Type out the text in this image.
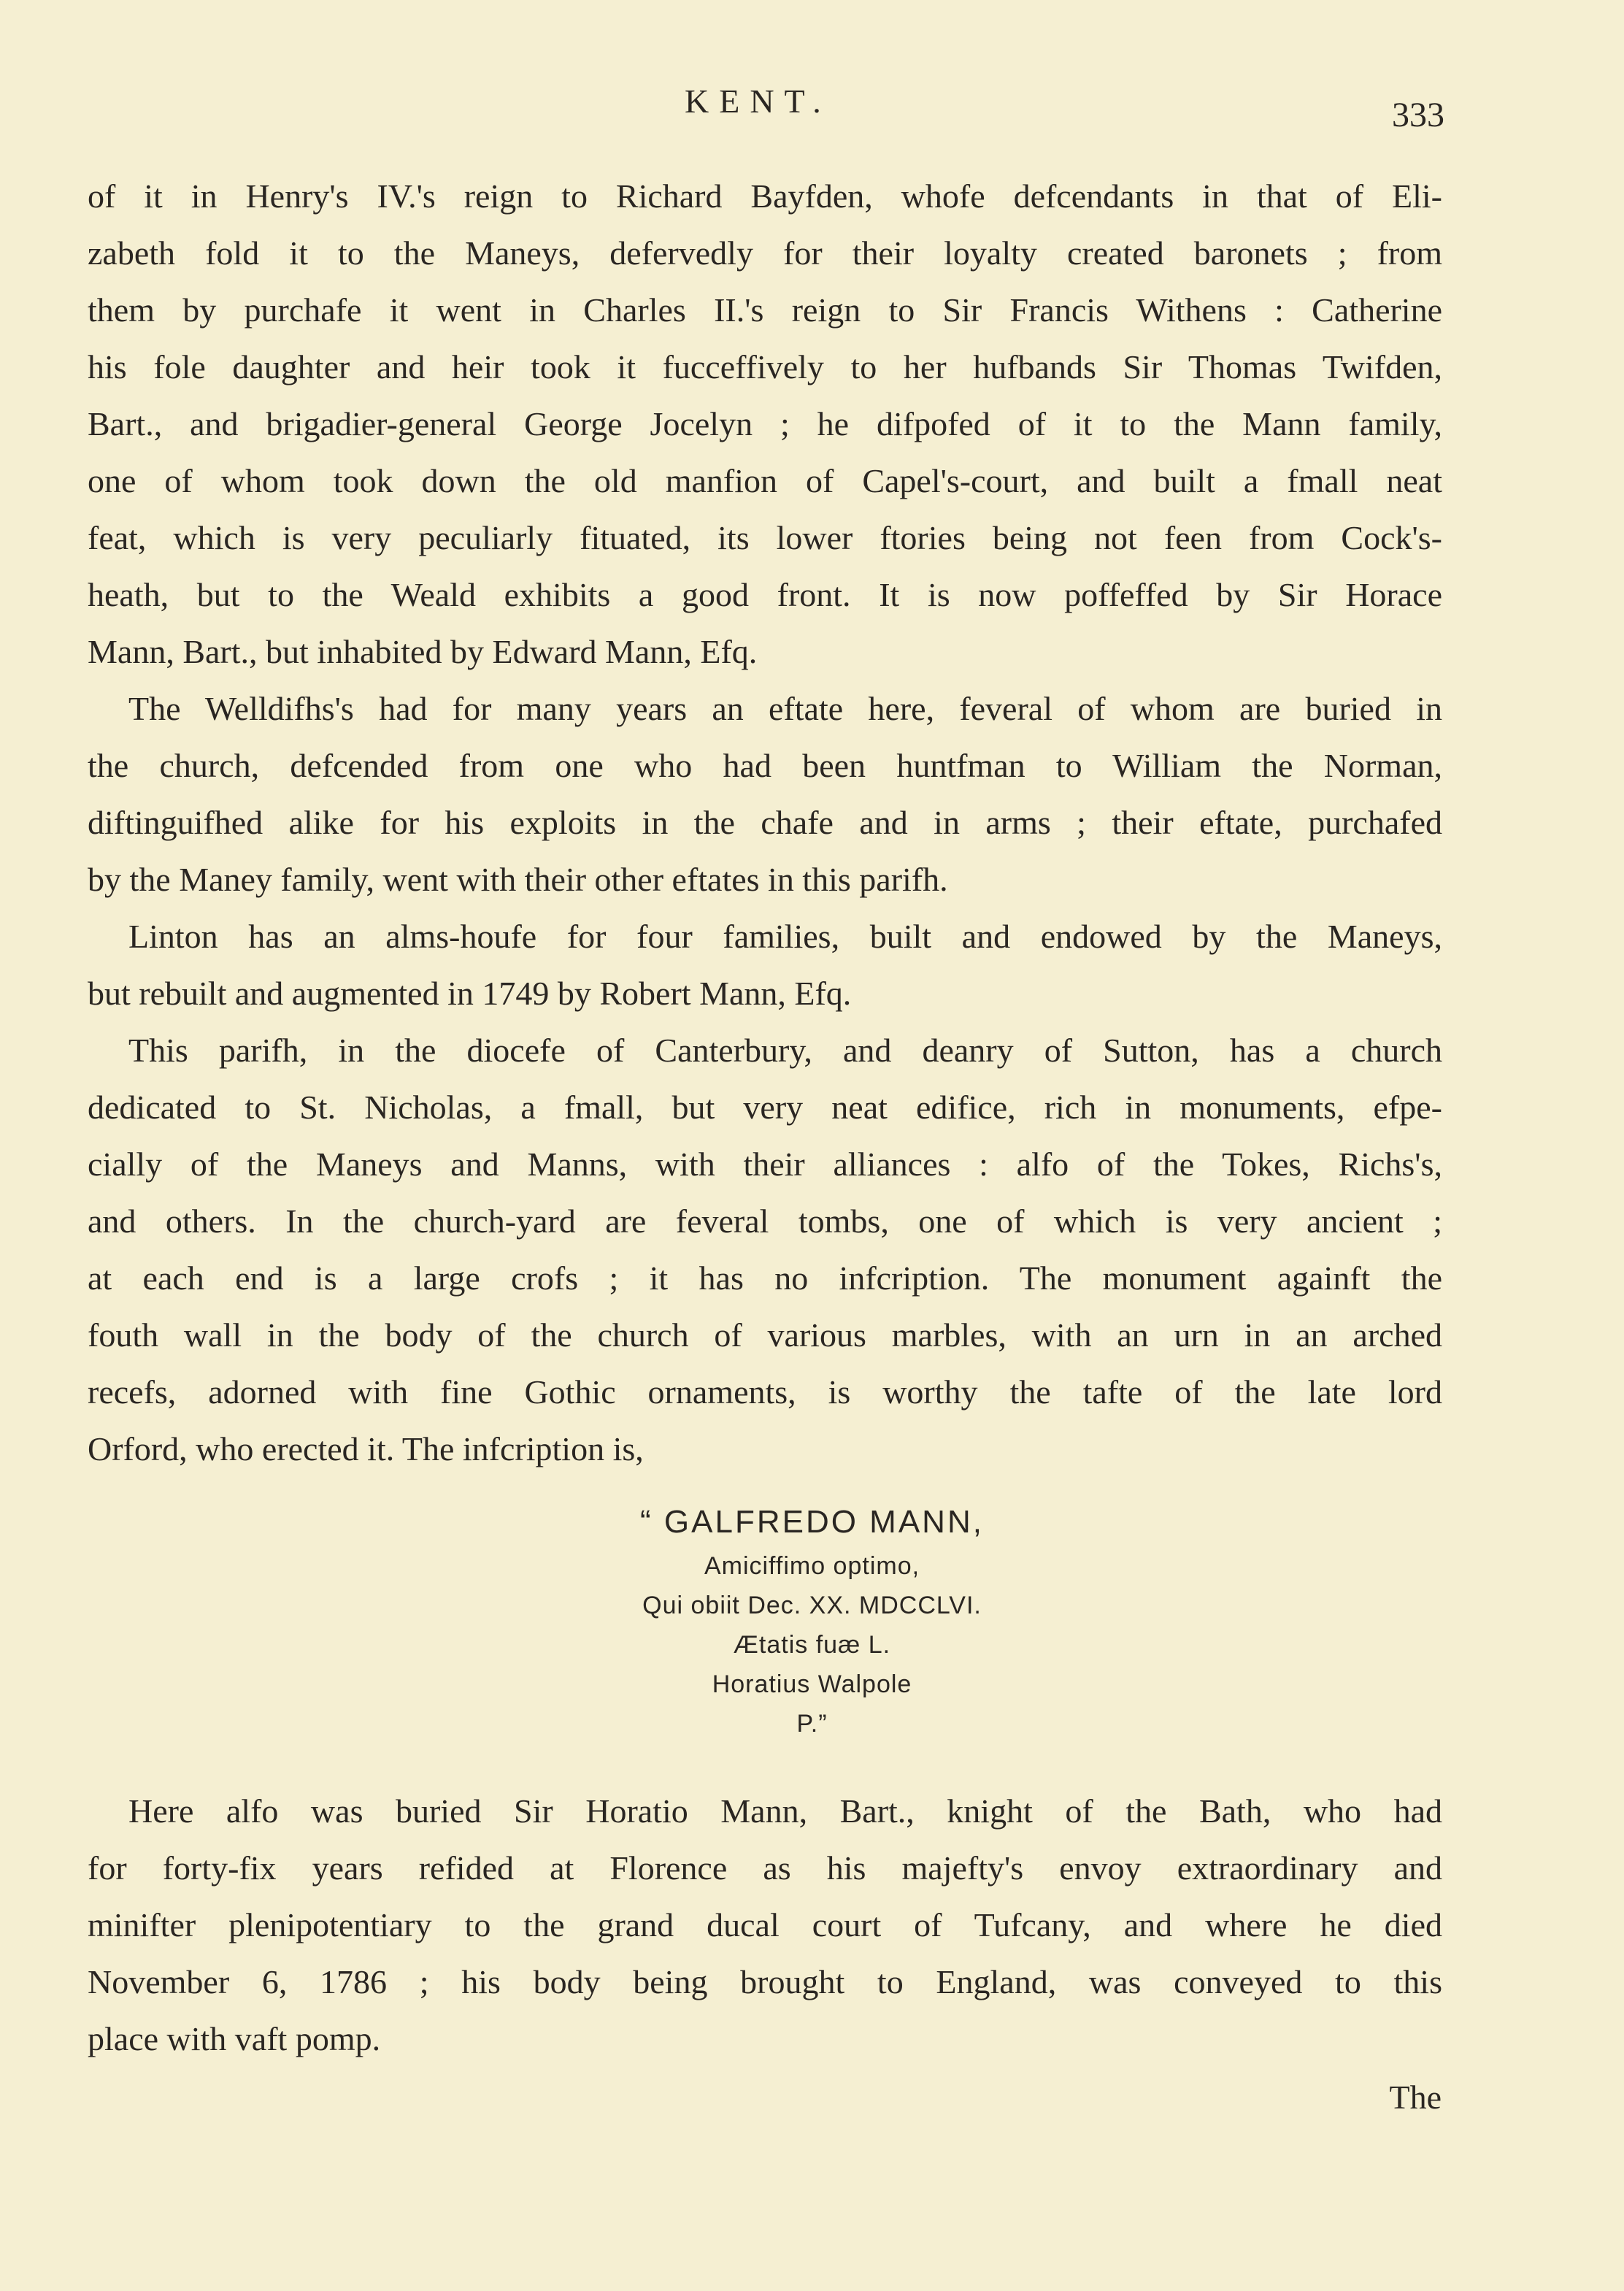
KENT.	333
of it in Henry's IV.'s reign to Richard Bayfden, whofe defcendants in that of Eli-
zabeth fold it to the Maneys, defervedly for their loyalty created baronets ; from
them by purchafe it went in Charles II.'s reign to Sir Francis Withens : Catherine
his fole daughter and heir took it fucceffively to her hufbands Sir Thomas Twifden,
Bart., and brigadier-general George Jocelyn ; he difpofed of it to the Mann family,
one of whom took down the old manfion of Capel's-court, and built a fmall neat
feat, which is very peculiarly fituated, its lower ftories being not feen from Cock's-
heath, but to the Weald exhibits a good front. It is now poffeffed by Sir Horace
Mann, Bart., but inhabited by Edward Mann, Efq.
The Welldifhs's had for many years an eftate here, feveral of whom are buried in
the church, defcended from one who had been huntfman to William the Norman,
diftinguifhed alike for his exploits in the chafe and in arms ; their eftate, purchafed
by the Maney family, went with their other eftates in this parifh.
Linton has an alms-houfe for four families, built and endowed by the Maneys,
but rebuilt and augmented in 1749 by Robert Mann, Efq.
This parifh, in the diocefe of Canterbury, and deanry of Sutton, has a church
dedicated to St. Nicholas, a fmall, but very neat edifice, rich in monuments, efpe-
cially of the Maneys and Manns, with their alliances : alfo of the Tokes, Richs's,
and others. In the church-yard are feveral tombs, one of which is very ancient ;
at each end is a large crofs ; it has no infcription. The monument againft the
fouth wall in the body of the church of various marbles, with an urn in an arched
recefs, adorned with fine Gothic ornaments, is worthy the tafte of the late lord
Orford, who erected it. The infcription is,
“ GALFREDO MANN,
Amiciffimo optimo,
Qui obiit Dec. XX. MDCCLVI.
Ætatis fuæ L.
Horatius Walpole
P.”
Here alfo was buried Sir Horatio Mann, Bart., knight of the Bath, who had
for forty-fix years refided at Florence as his majefty's envoy extraordinary and
minifter plenipotentiary to the grand ducal court of Tufcany, and where he died
November 6, 1786 ; his body being brought to England, was conveyed to this
place with vaft pomp.
The
